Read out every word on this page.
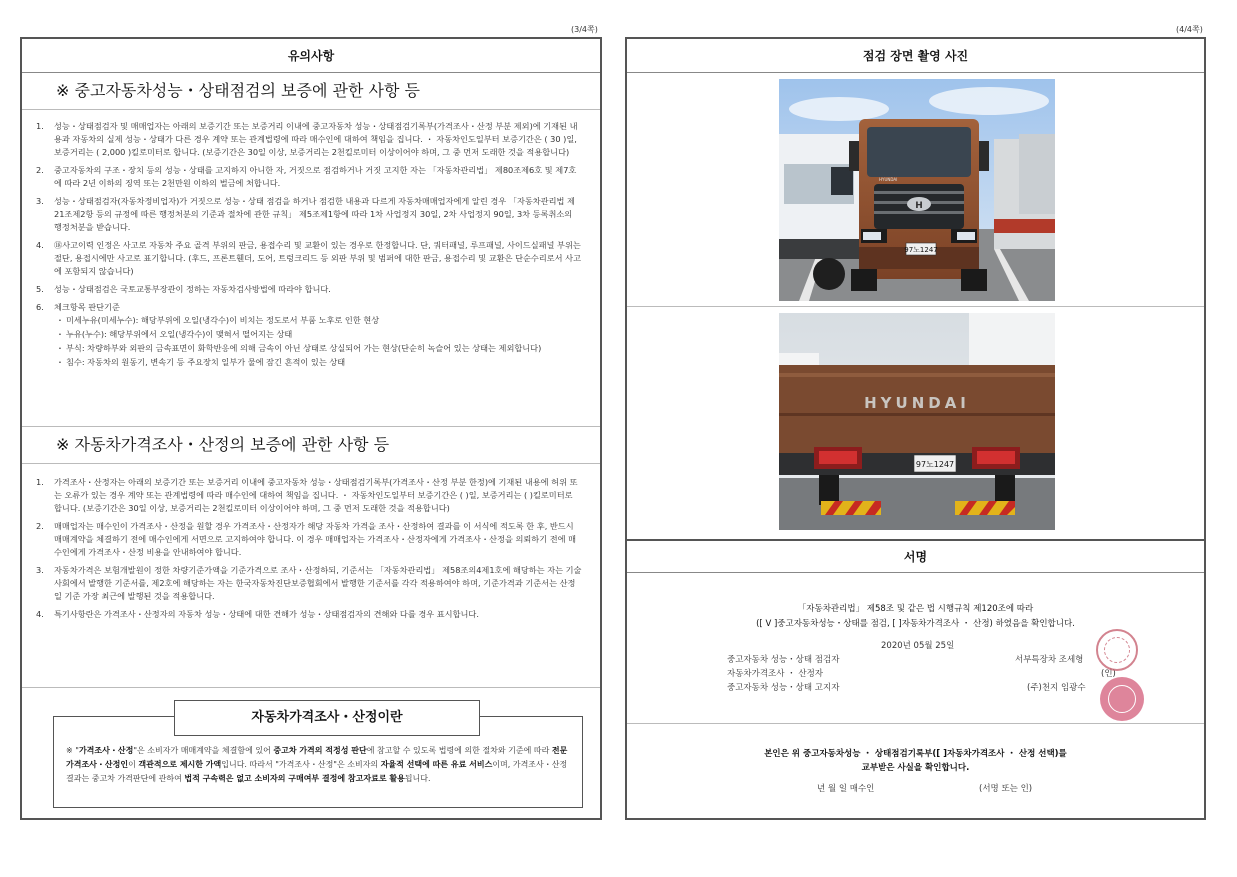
(3/4쪽)	(4/4쪽)
유의사항
※ 중고자동차성능・상태점검의 보증에 관한 사항 등
1.	성능・상태점검자 및 매매업자는 아래의 보증기간 또는 보증거리 이내에 중고자동차 성능・상태점검기록부(가격조사・산정 부분 제외)에 기재된 내용과 자동차의 실제 성능・상태가 다른 경우 계약 또는 관계법령에 따라 매수인에 대하여 책임을 집니다. ・ 자동차인도일부터 보증기간은 ( 30 )일, 보증거리는 ( 2,000 )킬로미터로 합니다. (보증기간은 30일 이상, 보증거리는 2천킬로미터 이상이어야 하며, 그 중 먼저 도래한 것을 적용합니다)
2.	중고자동차의 구조・장치 등의 성능・상태를 고지하지 아니한 자, 거짓으로 점검하거나 거짓 고지한 자는 「자동차관리법」 제80조제6호 및 제7호에 따라 2년 이하의 징역 또는 2천만원 이하의 벌금에 처합니다.
3.	성능・상태점검자(자동차정비업자)가 거짓으로 성능・상태 점검을 하거나 점검한 내용과 다르게 자동차매매업자에게 알린 경우 「자동차관리법 제21조제2항 등의 규정에 따른 행정처분의 기준과 절차에 관한 규칙」 제5조제1항에 따라 1차 사업정지 30일, 2차 사업정지 90일, 3차 등록취소의 행정처분을 받습니다.
4.	⑱사고이력 인정은 사고로 자동차 주요 골격 부위의 판금, 용접수리 및 교환이 있는 경우로 한정합니다. 단, 쿼터패널, 루프패널, 사이드실패널 부위는 절단, 용접시에만 사고로 표기합니다. (후드, 프론트휀더, 도어, 트렁크리드 등 외판 부위 및 범퍼에 대한 판금, 용접수리 및 교환은 단순수리로서 사고에 포함되지 않습니다)
5.	성능・상태점검은 국토교통부장관이 정하는 자동차검사방법에 따라야 합니다.
6.	체크항목 판단기준
・ 미세누유(미세누수): 해당부위에 오일(냉각수)이 비치는 정도로서 부품 노후로 인한 현상
・ 누유(누수): 해당부위에서 오일(냉각수)이 맺혀서 떨어지는 상태
・ 부식: 차량하부와 외판의 금속표면이 화학반응에 의해 금속이 아닌 상태로 상실되어 가는 현상(단순히 녹슬어 있는 상태는 제외합니다)
・ 침수: 자동차의 원동기, 변속기 등 주요장치 일부가 물에 잠긴 흔적이 있는 상태
※ 자동차가격조사・산정의 보증에 관한 사항 등
1.	가격조사・산정자는 아래의 보증기간 또는 보증거리 이내에 중고자동차 성능・상태점검기록부(가격조사・산정 부분 한정)에 기재된 내용에 허위 또는 오류가 있는 경우 계약 또는 관계법령에 따라 매수인에 대하여 책임을 집니다. ・ 자동차인도일부터 보증기간은 ( )일, 보증거리는 ( )킬로미터로 합니다. (보증기간은 30일 이상, 보증거리는 2천킬로미터 이상이어야 하며, 그 중 먼저 도래한 것을 적용합니다)
2.	매매업자는 매수인이 가격조사・산정을 원할 경우 가격조사・산정자가 해당 자동차 가격을 조사・산정하여 결과를 이 서식에 적도록 한 후, 반드시 매매계약을 체결하기 전에 매수인에게 서면으로 고지하여야 합니다. 이 경우 매매업자는 가격조사・산정자에게 가격조사・산정을 의뢰하기 전에 매수인에게 가격조사・산정 비용을 안내하여야 합니다.
3.	자동차가격은 보험개발원이 정한 차량기준가액을 기준가격으로 조사・산정하되, 기준서는 「자동차관리법」 제58조의4제1호에 해당하는 자는 기술사회에서 발행한 기준서를, 제2호에 해당하는 자는 한국자동차진단보증협회에서 발행한 기준서를 각각 적용하여야 하며, 기준가격과 기준서는 산정일 기준 가장 최근에 발행된 것을 적용합니다.
4.	특기사항란은 가격조사・산정자의 자동차 성능・상태에 대한 견해가 성능・상태점검자의 견해와 다를 경우 표시합니다.
자동차가격조사・산정이란
※ "가격조사・산정"은 소비자가 매매계약을 체결함에 있어 중고차 가격의 적정성 판단에 참고할 수 있도록 법령에 의한 절차와 기준에 따라 전문 가격조사・산정인이 객관적으로 제시한 가액입니다. 따라서 "가격조사・산정"은 소비자의 자율적 선택에 따른 유료 서비스이며, 가격조사・산정 결과는 중고차 가격판단에 관하여 법적 구속력은 없고 소비자의 구매여부 결정에 참고자료로 활용됩니다.
점검 장면 촬영 사진
H
HYUNDAI
97노1247
HYUNDAI
97노1247
서명
「자동차관리법」 제58조 및 같은 법 시행규칙 제120조에 따라
([ V ]중고자동차성능・상태를 점검, [ ]자동차가격조사 ・ 산정) 하였음을 확인합니다.
2020년 05월 25일
중고자동차 성능・상태 점검자	서부특장차 조세형
자동차가격조사 ・ 산정자	(인)
중고자동차 성능・상태 고지자	(주)천지 임광수
본인은 위 중고자동차성능 ・ 상태점검기록부([ ]자동차가격조사 ・ 산정 선택)를
교부받은 사실을 확인합니다.
년 월 일 매수인	(서명 또는 인)
